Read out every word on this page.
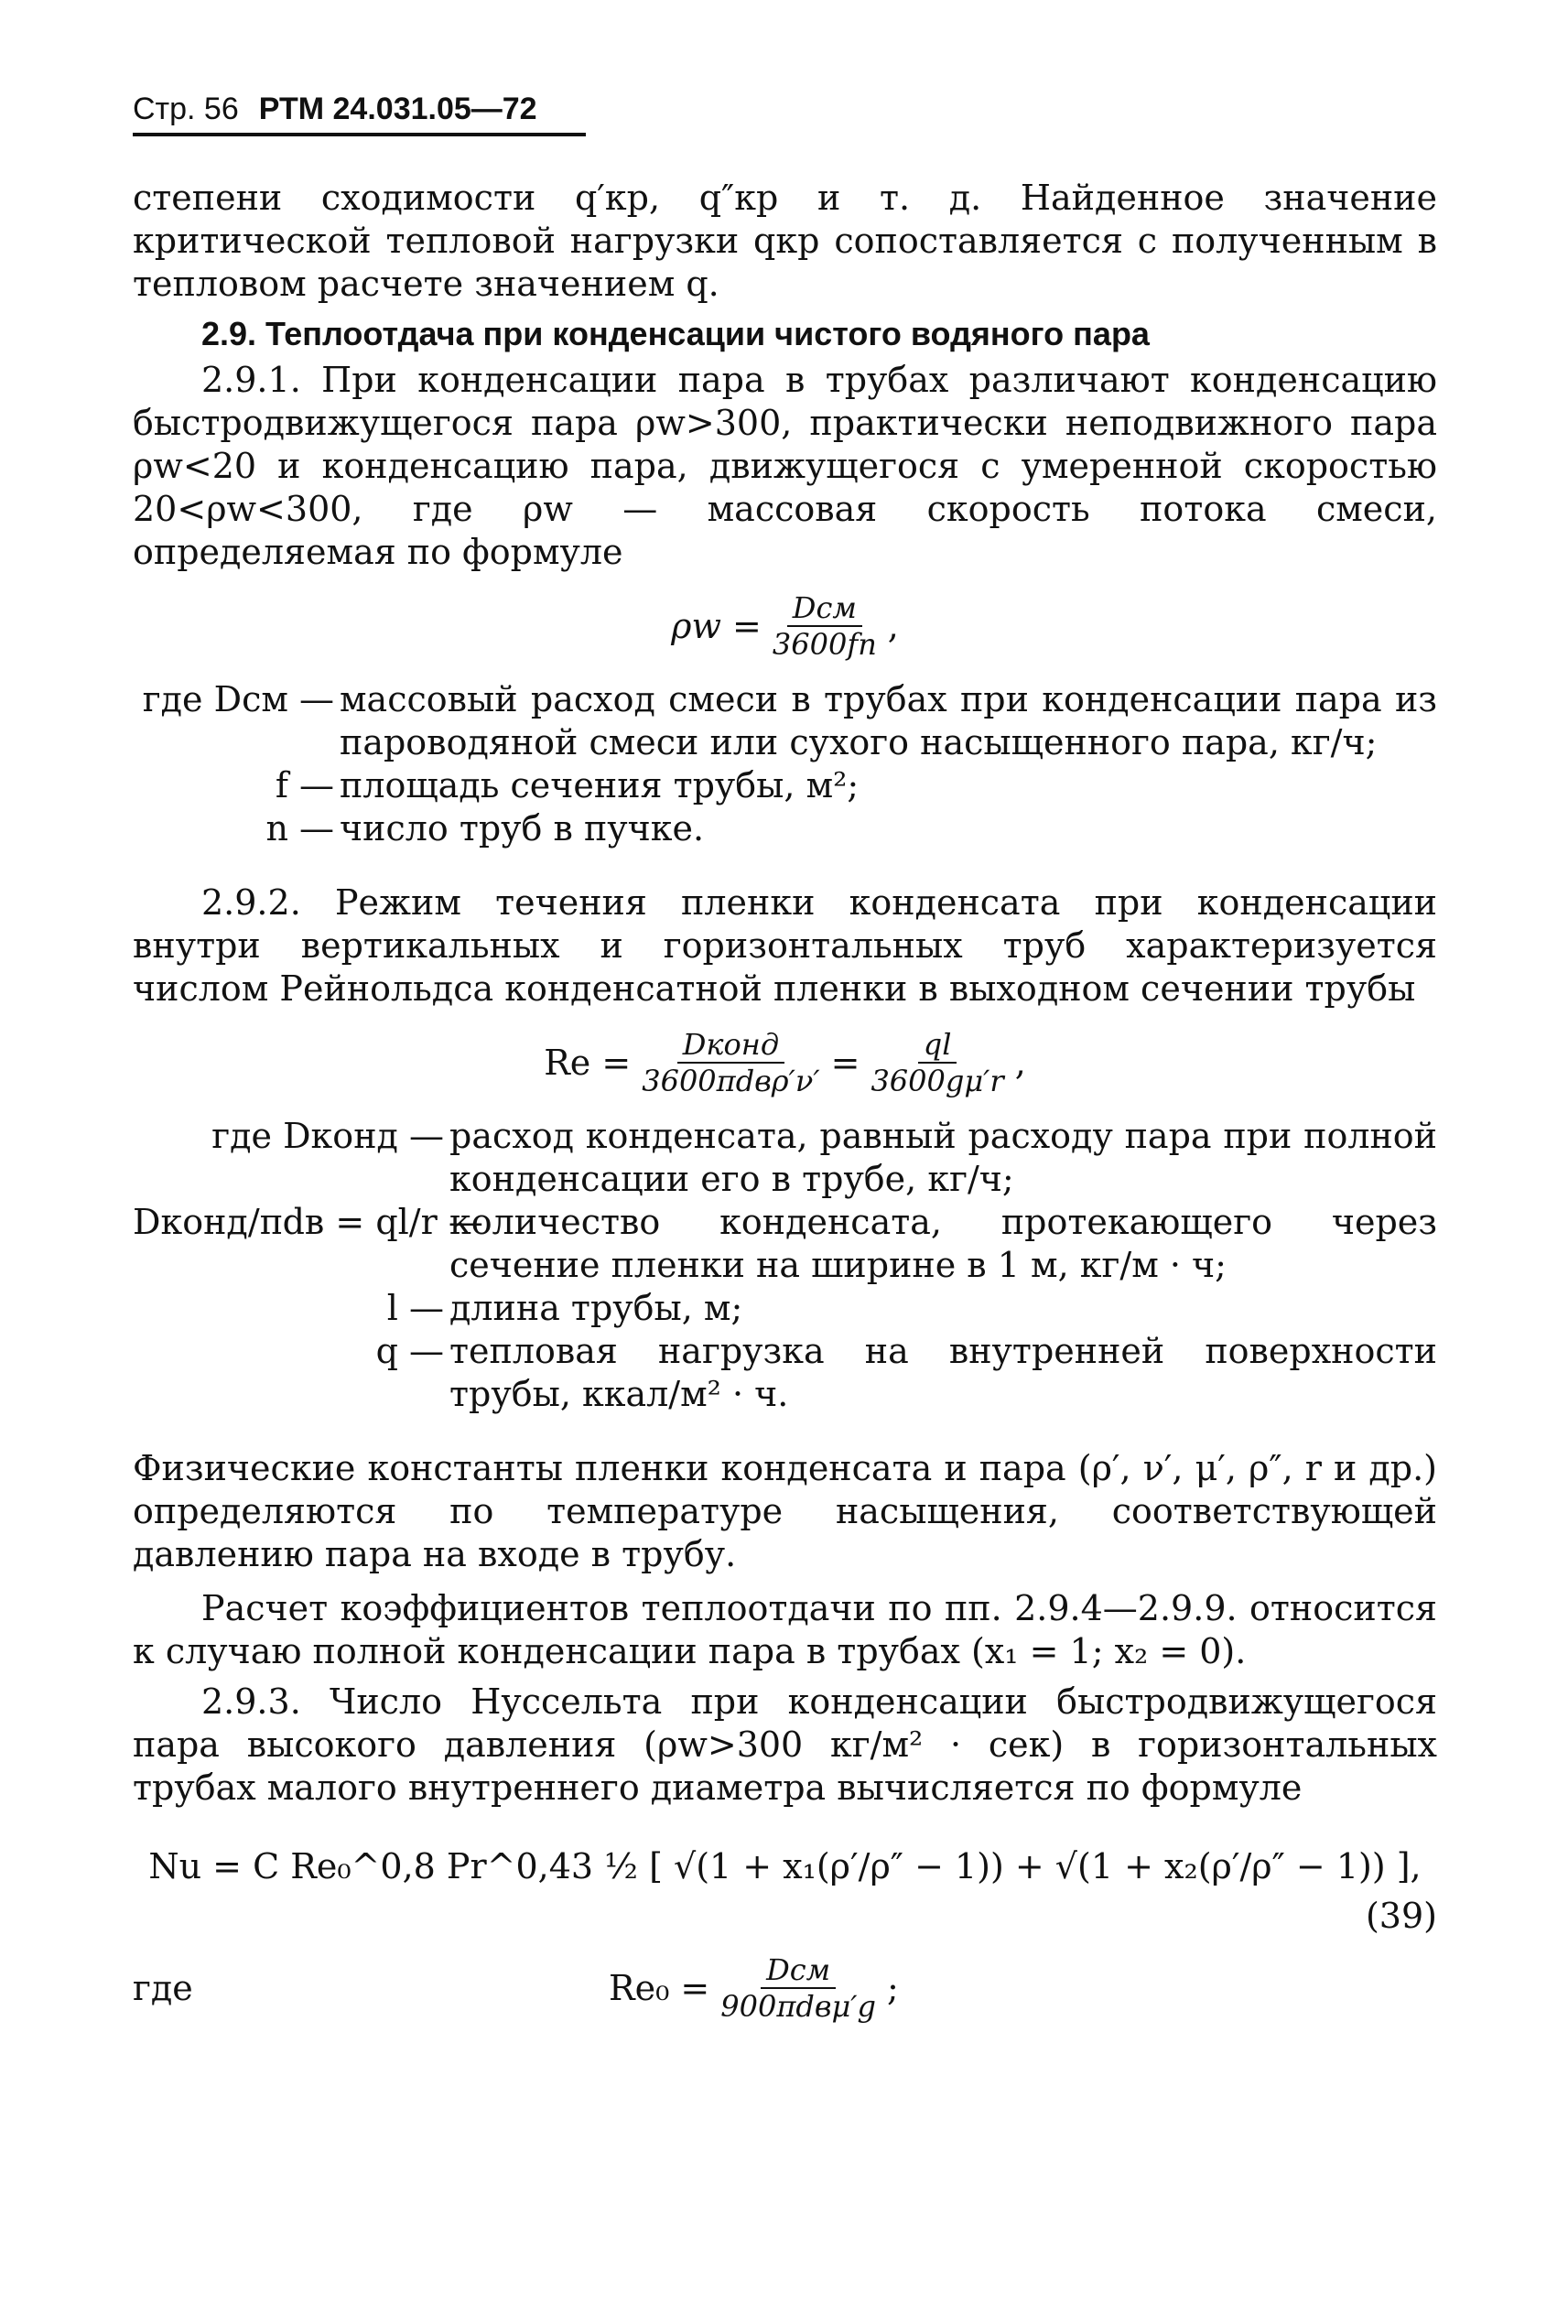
Стр. 56 РТМ 24.031.05—72

степени сходимости q′кр, q″кр и т. д. Найденное значение критической тепловой нагрузки qкр сопоставляется с полученным в тепловом расчете значением q.

2.9. Теплоотдача при конденсации чистого водяного пара

2.9.1. При конденсации пара в трубах различают конденсацию быстродвижущегося пара ρw>300, практически неподвижного пара ρw<20 и конденсацию пара, движущегося с умеренной скоростью 20<ρw<300, где ρw — массовая скорость потока смеси, определяемая по формуле

$\rho w = \frac{\text{Dсм}}{3600fn}$ ,
где Dсм — массовый расход смеси в трубах при конденсации пара из пароводяной смеси или сухого насыщенного пара, кг/ч;
f — площадь сечения трубы, м²;
n — число труб в пучке.

2.9.2. Режим течения пленки конденсата при конденсации внутри вертикальных и горизонтальных труб характеризуется числом Рейнольдса конденсатной пленки в выходном сечении трубы

$Re = \frac{\text{Dконд}}{\text{3600πdвρ′ν′}} = \frac{ql}{3600g\mu'r}$ ,
где Dконд — расход конденсата, равный расходу пара при полной конденсации его в трубе, кг/ч;
Dконд/πdв = ql/r —
количество конденсата, протекающего через сечение пленки на ширине в 1 м, кг/м · ч;
l — длина трубы, м;
q — тепловая нагрузка на внутренней поверхности трубы, ккал/м² · ч.

Физические константы пленки конденсата и пара (ρ′, ν′, μ′, ρ″, r и др.) определяются по температуре насыщения, соответствующей давлению пара на входе в трубу.

Расчет коэффициентов теплоотдачи по пп. 2.9.4—2.9.9. относится к случаю полной конденсации пара в трубах (x₁ = 1; x₂ = 0).

2.9.3. Число Нуссельта при конденсации быстродвижущегося пара высокого давления (ρw>300 кг/м² · сек) в горизонтальных трубах малого внутреннего диаметра вычисляется по формуле

Nu = C Re₀^0,8 Pr^0,43 ½ [ √(1 + x₁(ρ′/ρ″ − 1)) + √(1 + x₂(ρ′/ρ″ − 1)) ],
(39)
где	$Re_0 = \frac{\text{Dсм}}{\text{900πdвμ′g}}$ ;
